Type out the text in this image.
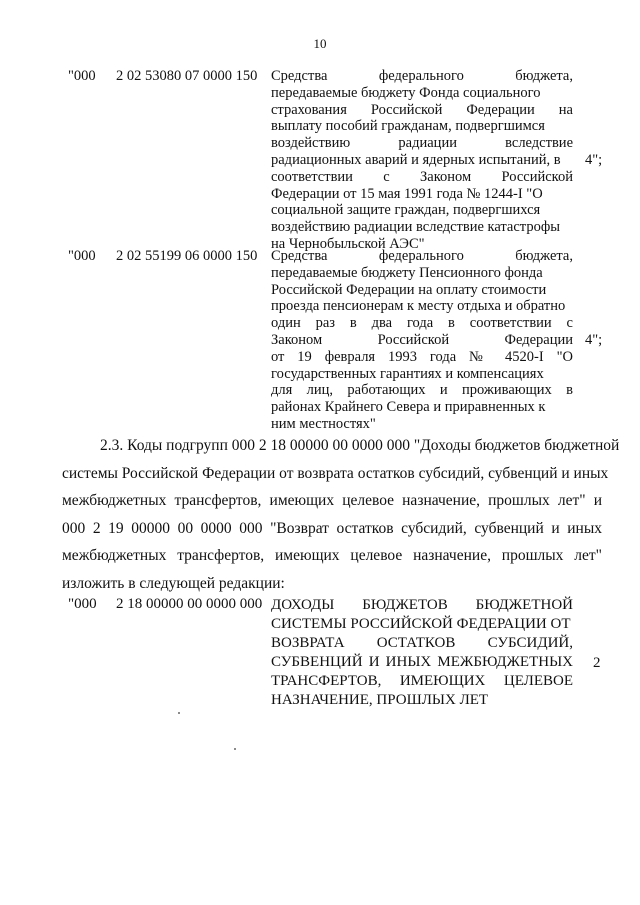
10
"000 2 02 53080 07 0000 150 Средства федерального бюджета,
передаваемые бюджету Фонда социального
страхования Российской Федерации на
выплату пособий гражданам, подвергшимся
воздействию радиации вследствие
радиационных аварий и ядерных испытаний, в
соответствии с Законом Российской
Федерации от 15 мая 1991 года № 1244-I "О
социальной защите граждан, подвергшихся
воздействию радиации вследствие катастрофы
на Чернобыльской АЭС"
4";
"000 2 02 55199 06 0000 150 Средства федерального бюджета,
передаваемые бюджету Пенсионного фонда
Российской Федерации на оплату стоимости
проезда пенсионерам к месту отдыха и обратно
один раз в два года в соответствии с
Законом Российской Федерации
от 19 февраля 1993 года № 4520-I "О
государственных гарантиях и компенсациях
для лиц, работающих и проживающих в
районах Крайнего Севера и приравненных к
ним местностях"
4";
2.3. Коды подгрупп 000 2 18 00000 00 0000 000 "Доходы бюджетов бюджетной
системы Российской Федерации от возврата остатков субсидий, субвенций и иных
межбюджетных трансфертов, имеющих целевое назначение, прошлых лет" и
000 2 19 00000 00 0000 000 "Возврат остатков субсидий, субвенций и иных
межбюджетных трансфертов, имеющих целевое назначение, прошлых лет"
изложить в следующей редакции:
"000 2 18 00000 00 0000 000 ДОХОДЫ БЮДЖЕТОВ БЮДЖЕТНОЙ
СИСТЕМЫ РОССИЙСКОЙ ФЕДЕРАЦИИ ОТ
ВОЗВРАТА ОСТАТКОВ СУБСИДИЙ,
СУБВЕНЦИЙ И ИНЫХ МЕЖБЮДЖЕТНЫХ
ТРАНСФЕРТОВ, ИМЕЮЩИХ ЦЕЛЕВОЕ
НАЗНАЧЕНИЕ, ПРОШЛЫХ ЛЕТ
2
